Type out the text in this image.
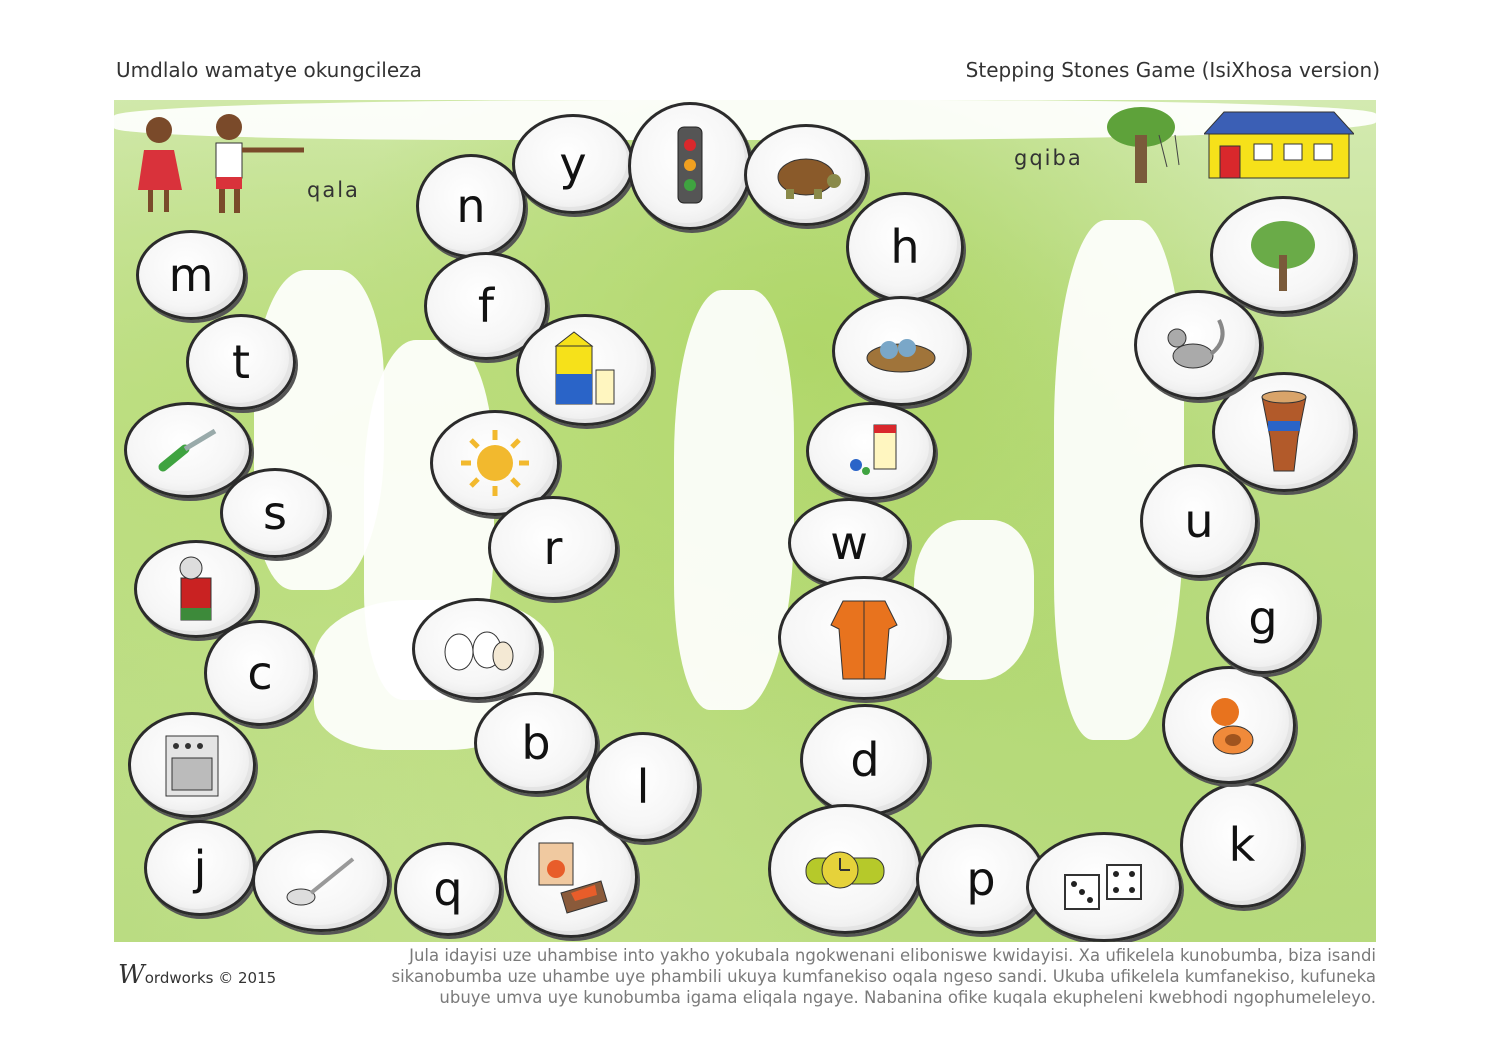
Umdlalo wamatye okungcileza	Stepping Stones Game (IsiXhosa version)
qala
gqiba
m
t
s
c
j	q
n
y
f
r
b
l
h
w
d
p
k
g
u
Jula idayisi uze uhambise into yakho yokubala ngokwenani eliboniswe kwidayisi. Xa ufikelela kunobumba, biza isandi sikanobumba uze uhambe uye phambili ukuya kumfanekiso oqala ngeso sandi. Ukuba ufikelela kumfanekiso, kufuneka ubuye umva uye kunobumba igama eliqala ngaye. Nabanina ofike kuqala ekupheleni kwebhodi ngophumeleleyo.
Wordworks © 2015
